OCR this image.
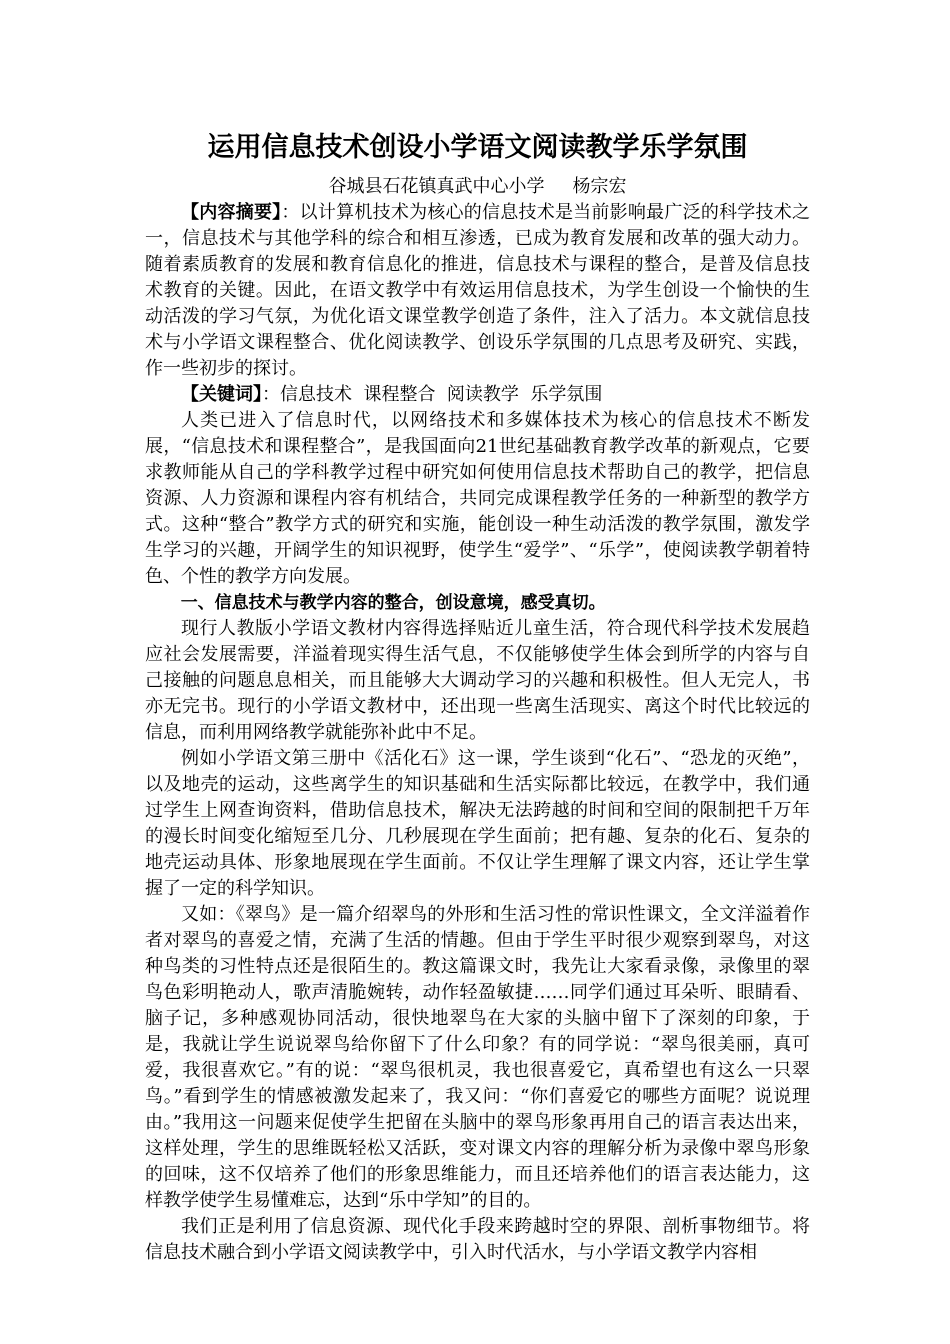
运用信息技术创设小学语文阅读教学乐学氛围

谷城县石花镇真武中心小学 杨宗宏

【内容摘要】：以计算机技术为核心的信息技术是当前影响最广泛的科学技术之一，信息技术与其他学科的综合和相互渗透，已成为教育发展和改革的强大动力。随着素质教育的发展和教育信息化的推进，信息技术与课程的整合，是普及信息技术教育的关键。因此，在语文教学中有效运用信息技术，为学生创设一个愉快的生动活泼的学习气氛，为优化语文课堂教学创造了条件，注入了活力。本文就信息技术与小学语文课程整合、优化阅读教学、创设乐学氛围的几点思考及研究、实践，作一些初步的探讨。

【关键词】：信息技术  课程整合  阅读教学  乐学氛围

人类已进入了信息时代，以网络技术和多媒体技术为核心的信息技术不断发展，“信息技术和课程整合”，是我国面向21世纪基础教育教学改革的新观点，它要求教师能从自己的学科教学过程中研究如何使用信息技术帮助自己的教学，把信息资源、人力资源和课程内容有机结合，共同完成课程教学任务的一种新型的教学方式。这种“整合”教学方式的研究和实施，能创设一种生动活泼的教学氛围，激发学生学习的兴趣，开阔学生的知识视野，使学生“爱学”、“乐学”，使阅读教学朝着特色、个性的教学方向发展。

一、信息技术与教学内容的整合，创设意境，感受真切。

现行人教版小学语文教材内容得选择贴近儿童生活，符合现代科学技术发展趋应社会发展需要，洋溢着现实得生活气息，不仅能够使学生体会到所学的内容与自己接触的问题息息相关，而且能够大大调动学习的兴趣和积极性。但人无完人，书亦无完书。现行的小学语文教材中，还出现一些离生活现实、离这个时代比较远的信息，而利用网络教学就能弥补此中不足。

例如小学语文第三册中《活化石》这一课，学生谈到“化石”、“恐龙的灭绝”，以及地壳的运动，这些离学生的知识基础和生活实际都比较远，在教学中，我们通过学生上网查询资料，借助信息技术，解决无法跨越的时间和空间的限制把千万年的漫长时间变化缩短至几分、几秒展现在学生面前；把有趣、复杂的化石、复杂的地壳运动具体、形象地展现在学生面前。不仅让学生理解了课文内容，还让学生掌握了一定的科学知识。

又如：《翠鸟》是一篇介绍翠鸟的外形和生活习性的常识性课文，全文洋溢着作者对翠鸟的喜爱之情，充满了生活的情趣。但由于学生平时很少观察到翠鸟，对这种鸟类的习性特点还是很陌生的。教这篇课文时，我先让大家看录像，录像里的翠鸟色彩明艳动人，歌声清脆婉转，动作轻盈敏捷……同学们通过耳朵听、眼睛看、脑子记，多种感观协同活动，很快地翠鸟在大家的头脑中留下了深刻的印象，于是，我就让学生说说翠鸟给你留下了什么印象？有的同学说：“翠鸟很美丽，真可爱，我很喜欢它。”有的说：“翠鸟很机灵，我也很喜爱它，真希望也有这么一只翠鸟。”看到学生的情感被激发起来了，我又问：“你们喜爱它的哪些方面呢？说说理由。”我用这一问题来促使学生把留在头脑中的翠鸟形象再用自己的语言表达出来，这样处理，学生的思维既轻松又活跃，变对课文内容的理解分析为录像中翠鸟形象的回味，这不仅培养了他们的形象思维能力，而且还培养他们的语言表达能力，这样教学使学生易懂难忘，达到“乐中学知”的目的。

我们正是利用了信息资源、现代化手段来跨越时空的界限、剖析事物细节。将信息技术融合到小学语文阅读教学中，引入时代活水，与小学语文教学内容相
